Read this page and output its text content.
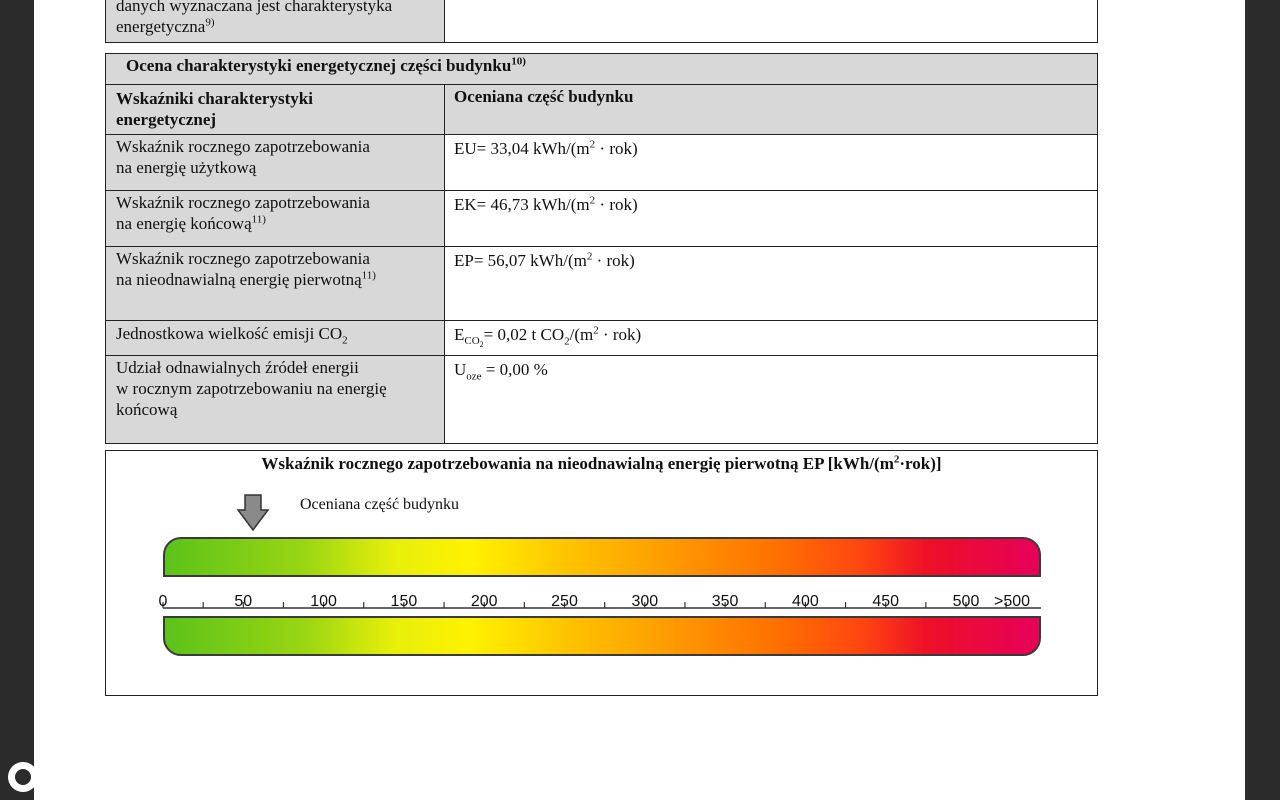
danych wyznaczana jest charakterystyka
energetyczna$^{9)}$	
Ocena charakterystyki energetycznej części budynku$^{10)}$
Wskaźniki charakterystyki
energetycznej	Oceniana część budynku
Wskaźnik rocznego zapotrzebowania
na energię użytkową	EU= 33,04 kWh/$(m^2 \cdot rok)$
Wskaźnik rocznego zapotrzebowania
na energię końcową$^{11)}$	EK= 46,73 kWh/$(m^2 \cdot rok)$
Wskaźnik rocznego zapotrzebowania
na nieodnawialną energię pierwotną$^{11)}$	EP= 56,07 kWh/$(m^2 \cdot rok)$
Jednostkowa wielkość emisji $CO_2$	$E_{CO_2}= 0,02$ t $CO_2/(m^2 \cdot rok)$
Udział odnawialnych źródeł energii
w rocznym zapotrzebowaniu na energię
końcową	$U_{oze} = 0,00$ %
Wskaźnik rocznego zapotrzebowania na nieodnawialną energię pierwotną EP $[kWh/(m^2\cdot rok)]$
Oceniana część budynku
0	50	100	150	200	250	300	350	400	450	500 >500
